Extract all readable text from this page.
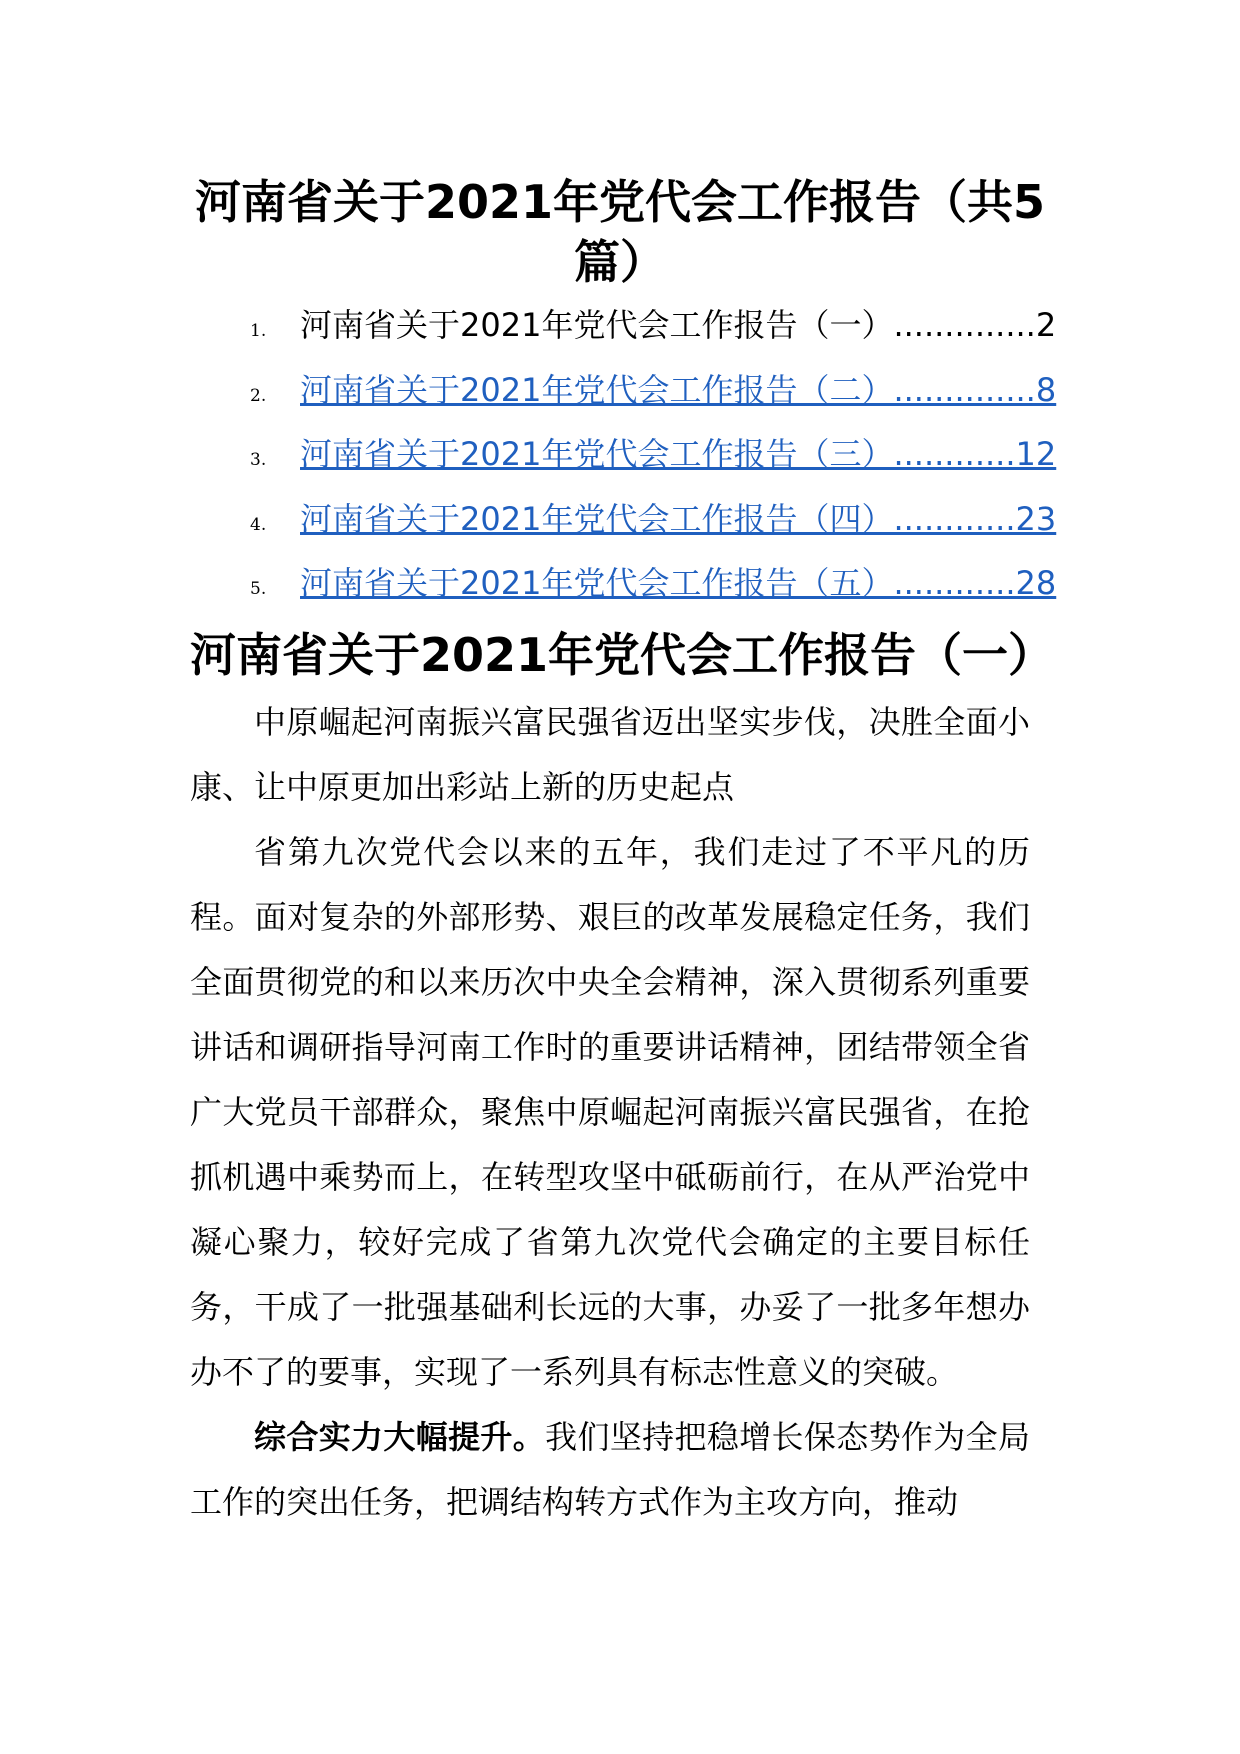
河南省关于2021年党代会工作报告（共5
篇）
1.	河南省关于2021年党代会工作报告（一）..............2
2.	河南省关于2021年党代会工作报告（二）..............8
3.	河南省关于2021年党代会工作报告（三）............12
4.	河南省关于2021年党代会工作报告（四）............23
5.	河南省关于2021年党代会工作报告（五）............28
河南省关于2021年党代会工作报告（一）

中原崛起河南振兴富民强省迈出坚实步伐，决胜全面小康、让中原更加出彩站上新的历史起点

省第九次党代会以来的五年，我们走过了不平凡的历程。面对复杂的外部形势、艰巨的改革发展稳定任务，我们全面贯彻党的和以来历次中央全会精神，深入贯彻系列重要讲话和调研指导河南工作时的重要讲话精神，团结带领全省广大党员干部群众，聚焦中原崛起河南振兴富民强省，在抢抓机遇中乘势而上，在转型攻坚中砥砺前行，在从严治党中凝心聚力，较好完成了省第九次党代会确定的主要目标任务，干成了一批强基础利长远的大事，办妥了一批多年想办办不了的要事，实现了一系列具有标志性意义的突破。

综合实力大幅提升。我们坚持把稳增长保态势作为全局工作的突出任务，把调结构转方式作为主攻方向，推动
